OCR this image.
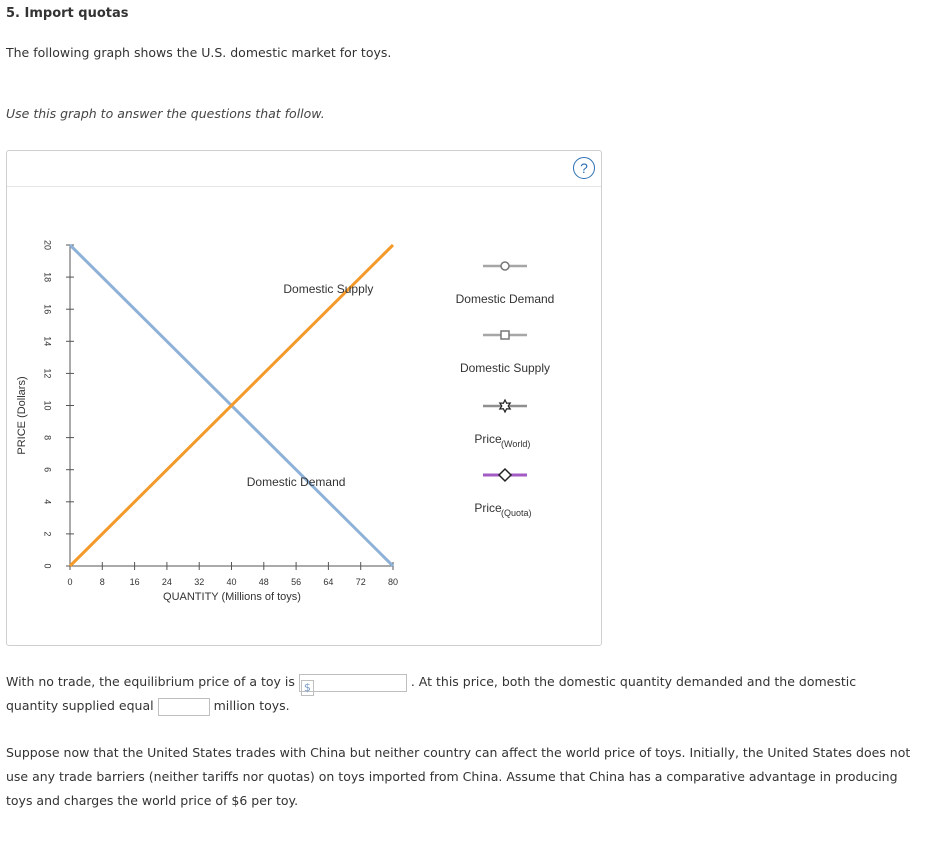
5. Import quotas

The following graph shows the U.S. domestic market for toys.

Use this graph to answer the questions that follow.

?
0
2
4
6
8
10
12
14
16
18
20
0	8	16 24 32 40 48 56 64 72 80
QUANTITY (Millions of toys)
PRICE (Dollars)
Domestic Demand
Domestic Supply
Domestic Demand
Domestic Supply
Price (World)
Price (Quota)

With no trade, the equilibrium price of a toy is $	. At this price, both the domestic quantity demanded and the domestic quantity supplied equal	million toys.

Suppose now that the United States trades with China but neither country can affect the world price of toys. Initially, the United States does not use any trade barriers (neither tariffs nor quotas) on toys imported from China. Assume that China has a comparative advantage in producing toys and charges the world price of $6 per toy.
